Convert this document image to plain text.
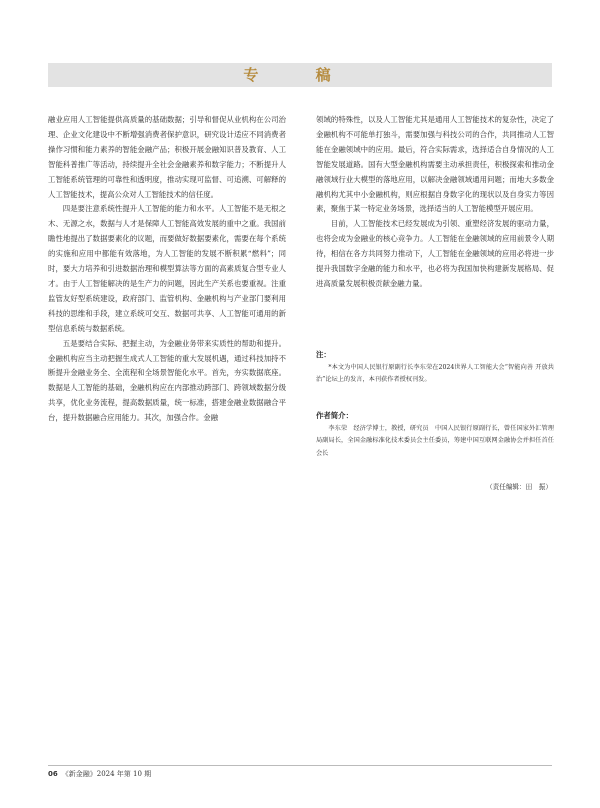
专 稿

融业应用人工智能提供高质量的基础数据；引导和督促从业机构在公司治理、企业文化建设中不断增强消费者保护意识，研究设计适应不同消费者操作习惯和能力素养的智能金融产品；积极开展金融知识普及教育、人工智能科普推广等活动，持续提升全社会金融素养和数字能力；不断提升人工智能系统管理的可靠性和透明度，推动实现可监督、可追溯、可解释的人工智能技术，提高公众对人工智能技术的信任度。

四是要注意系统性提升人工智能的能力和水平。人工智能不是无根之木、无源之水，数据与人才是保障人工智能高效发展的重中之重。我国前瞻性地提出了数据要素化的议题，而要做好数据要素化，需要在每个系统的实施和应用中都能有效落地，为人工智能的发展不断积累“燃料”；同时，要大力培养和引进数据治理和模型算法等方面的高素质复合型专业人才。由于人工智能解决的是生产力的问题，因此生产关系也要重视。注重监管友好型系统建设，政府部门、监管机构、金融机构与产业部门要利用科技的思维和手段，建立系统可交互、数据可共享、人工智能可通用的新型信息系统与数据系统。

五是要结合实际、把握主动，为金融业务带来实质性的帮助和提升。金融机构应当主动把握生成式人工智能的重大发展机遇，通过科技加持不断提升金融业务全、全流程和全场景智能化水平。首先，夯实数据底座。数据是人工智能的基础，金融机构应在内部推动跨部门、跨领域数据分级共享，优化业务流程，提高数据质量，统一标准，搭建金融业数据融合平台，提升数据融合应用能力。其次，加强合作。金融

领域的特殊性，以及人工智能尤其是通用人工智能技术的复杂性，决定了金融机构不可能单打独斗，需要加强与科技公司的合作，共同推动人工智能在金融领域中的应用。最后，符合实际需求，选择适合自身情况的人工智能发展道路。国有大型金融机构需要主动承担责任，积极探索和推动金融领域行业大模型的落地应用，以解决金融领域通用问题；而地大多数金融机构尤其中小金融机构，则应根据自身数字化的现状以及自身实力等因素，聚焦于某一特定业务场景，选择适当的人工智能模型开展应用。

目前，人工智能技术已经发展成为引领、重塑经济发展的驱动力量，也将会成为金融业的核心竞争力。人工智能在金融领域的应用前景令人期待，相信在各方共同努力推动下，人工智能在金融领域的应用必将进一步提升我国数字金融的能力和水平，也必将为我国加快构建新发展格局、促进高质量发展积极贡献金融力量。

注：
*本文为中国人民银行原副行长李东荣在2024世界人工智能大会“智能向善 开放共治”论坛上的发言，本刊获作者授权刊发。
作者简介：
李东荣　经济学博士，教授，研究员　中国人民银行原副行长，曾任国家外汇管理局副局长，全国金融标准化技术委员会主任委员，筹建中国互联网金融协会并担任首任会长
（责任编辑：田　振）
06 《新金融》2024 年第 10 期
